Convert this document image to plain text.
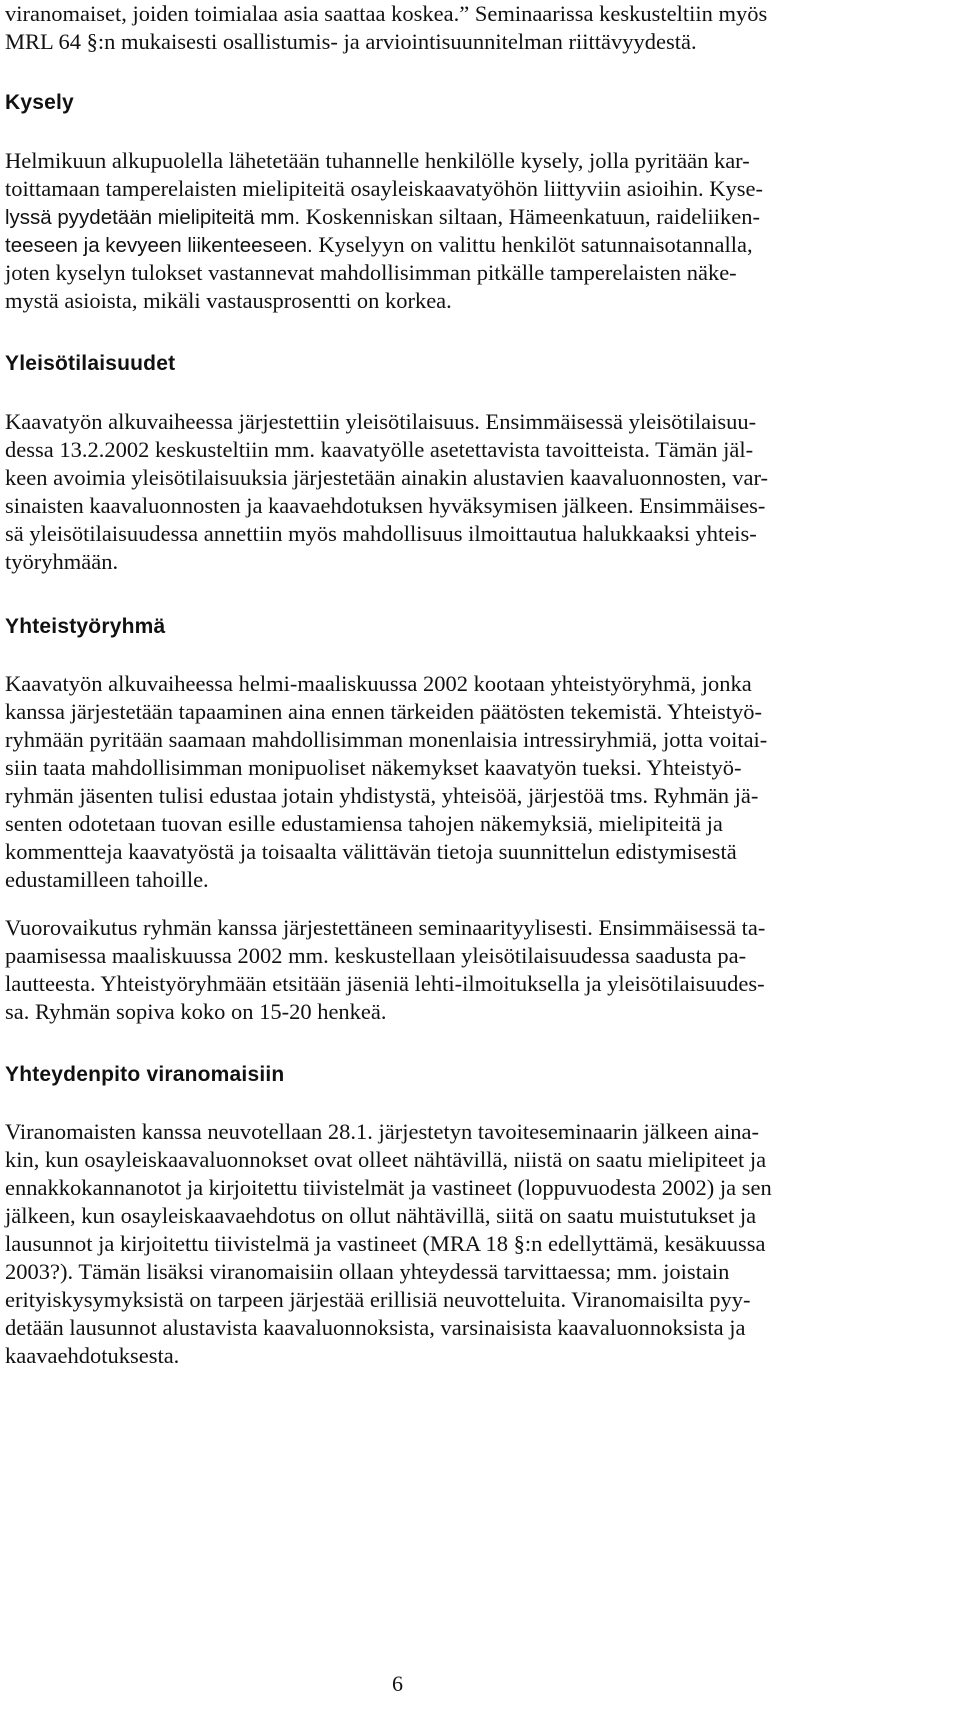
viranomaiset, joiden toimialaa asia saattaa koskea.” Seminaarissa keskusteltiin myös
MRL 64 §:n mukaisesti osallistumis- ja arviointisuunnitelman riittävyydestä.
Kysely
Helmikuun alkupuolella lähetetään tuhannelle henkilölle kysely, jolla pyritään kar-
toittamaan tamperelaisten mielipiteitä osayleiskaavatyöhön liittyviin asioihin. Kyse-
lyssä pyydetään mielipiteitä mm. Koskenniskan siltaan, Hämeenkatuun, raideliiken-
teeseen ja kevyeen liikenteeseen. Kyselyyn on valittu henkilöt satunnaisotannalla,
joten kyselyn tulokset vastannevat mahdollisimman pitkälle tamperelaisten näke-
mystä asioista, mikäli vastausprosentti on korkea.
Yleisötilaisuudet
Kaavatyön alkuvaiheessa järjestettiin yleisötilaisuus. Ensimmäisessä yleisötilaisuu-
dessa 13.2.2002 keskusteltiin mm. kaavatyölle asetettavista tavoitteista. Tämän jäl-
keen avoimia yleisötilaisuuksia järjestetään ainakin alustavien kaavaluonnosten, var-
sinaisten kaavaluonnosten ja kaavaehdotuksen hyväksymisen jälkeen. Ensimmäises-
sä yleisötilaisuudessa annettiin myös mahdollisuus ilmoittautua halukkaaksi yhteis-
työryhmään.
Yhteistyöryhmä
Kaavatyön alkuvaiheessa helmi-maaliskuussa 2002 kootaan yhteistyöryhmä, jonka
kanssa järjestetään tapaaminen aina ennen tärkeiden päätösten tekemistä. Yhteistyö-
ryhmään pyritään saamaan mahdollisimman monenlaisia intressiryhmiä, jotta voitai-
siin taata mahdollisimman monipuoliset näkemykset kaavatyön tueksi. Yhteistyö-
ryhmän jäsenten tulisi edustaa jotain yhdistystä, yhteisöä, järjestöä tms. Ryhmän jä-
senten odotetaan tuovan esille edustamiensa tahojen näkemyksiä, mielipiteitä ja
kommentteja kaavatyöstä ja toisaalta välittävän tietoja suunnittelun edistymisestä
edustamilleen tahoille.
Vuorovaikutus ryhmän kanssa järjestettäneen seminaarityylisesti. Ensimmäisessä ta-
paamisessa maaliskuussa 2002 mm. keskustellaan yleisötilaisuudessa saadusta pa-
lautteesta. Yhteistyöryhmään etsitään jäseniä lehti-ilmoituksella ja yleisötilaisuudes-
sa. Ryhmän sopiva koko on 15-20 henkeä.
Yhteydenpito viranomaisiin
Viranomaisten kanssa neuvotellaan 28.1. järjestetyn tavoiteseminaarin jälkeen aina-
kin, kun osayleiskaavaluonnokset ovat olleet nähtävillä, niistä on saatu mielipiteet ja
ennakkokannanotot ja kirjoitettu tiivistelmät ja vastineet (loppuvuodesta 2002) ja sen
jälkeen, kun osayleiskaavaehdotus on ollut nähtävillä, siitä on saatu muistutukset ja
lausunnot ja kirjoitettu tiivistelmä ja vastineet (MRA 18 §:n edellyttämä, kesäkuussa
2003?). Tämän lisäksi viranomaisiin ollaan yhteydessä tarvittaessa; mm. joistain
erityiskysymyksistä on tarpeen järjestää erillisiä neuvotteluita. Viranomaisilta pyy-
detään lausunnot alustavista kaavaluonnoksista, varsinaisista kaavaluonnoksista ja
kaavaehdotuksesta.
6
